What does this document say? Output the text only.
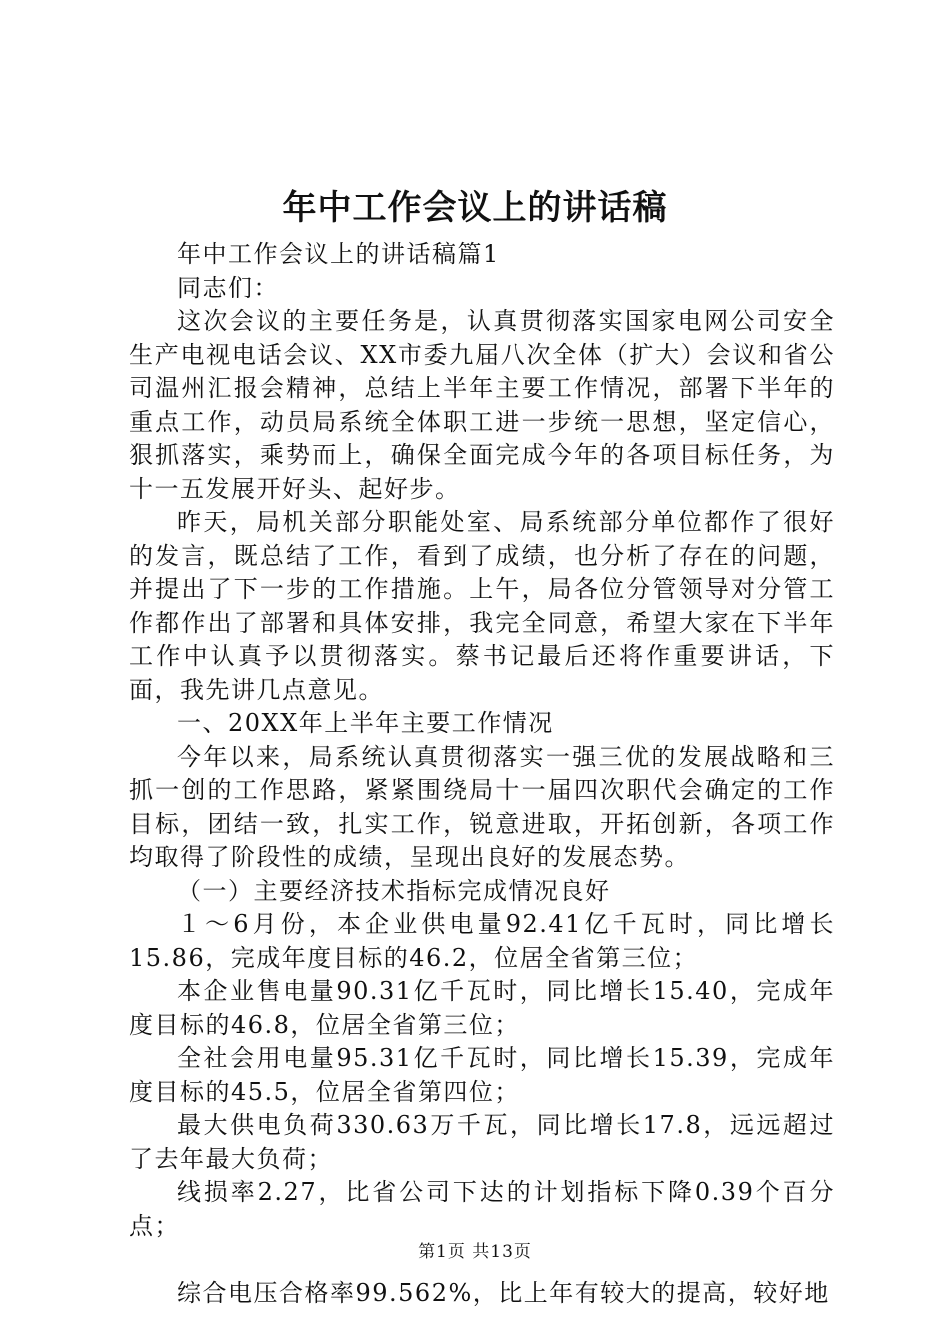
年中工作会议上的讲话稿

年中工作会议上的讲话稿篇1

同志们：

这次会议的主要任务是，认真贯彻落实国家电网公司安全生产电视电话会议、XX市委九届八次全体（扩大）会议和省公司温州汇报会精神，总结上半年主要工作情况，部署下半年的重点工作，动员局系统全体职工进一步统一思想，坚定信心，狠抓落实，乘势而上，确保全面完成今年的各项目标任务，为十一五发展开好头、起好步。

昨天，局机关部分职能处室、局系统部分单位都作了很好的发言，既总结了工作，看到了成绩，也分析了存在的问题，并提出了下一步的工作措施。上午，局各位分管领导对分管工作都作出了部署和具体安排，我完全同意，希望大家在下半年工作中认真予以贯彻落实。蔡书记最后还将作重要讲话，下面，我先讲几点意见。

一、20XX年上半年主要工作情况

今年以来，局系统认真贯彻落实一强三优的发展战略和三抓一创的工作思路，紧紧围绕局十一届四次职代会确定的工作目标，团结一致，扎实工作，锐意进取，开拓创新，各项工作均取得了阶段性的成绩，呈现出良好的发展态势。

（一）主要经济技术指标完成情况良好

１～6月份，本企业供电量92.41亿千瓦时，同比增长15.86，完成年度目标的46.2，位居全省第三位；

本企业售电量90.31亿千瓦时，同比增长15.40，完成年度目标的46.8，位居全省第三位；

全社会用电量95.31亿千瓦时，同比增长15.39，完成年度目标的45.5，位居全省第四位；

最大供电负荷330.63万千瓦，同比增长17.8，远远超过了去年最大负荷；

线损率2.27，比省公司下达的计划指标下降0.39个百分点；

综合电压合格率99.562%，比上年有较大的提高，较好地

第1页 共13页
